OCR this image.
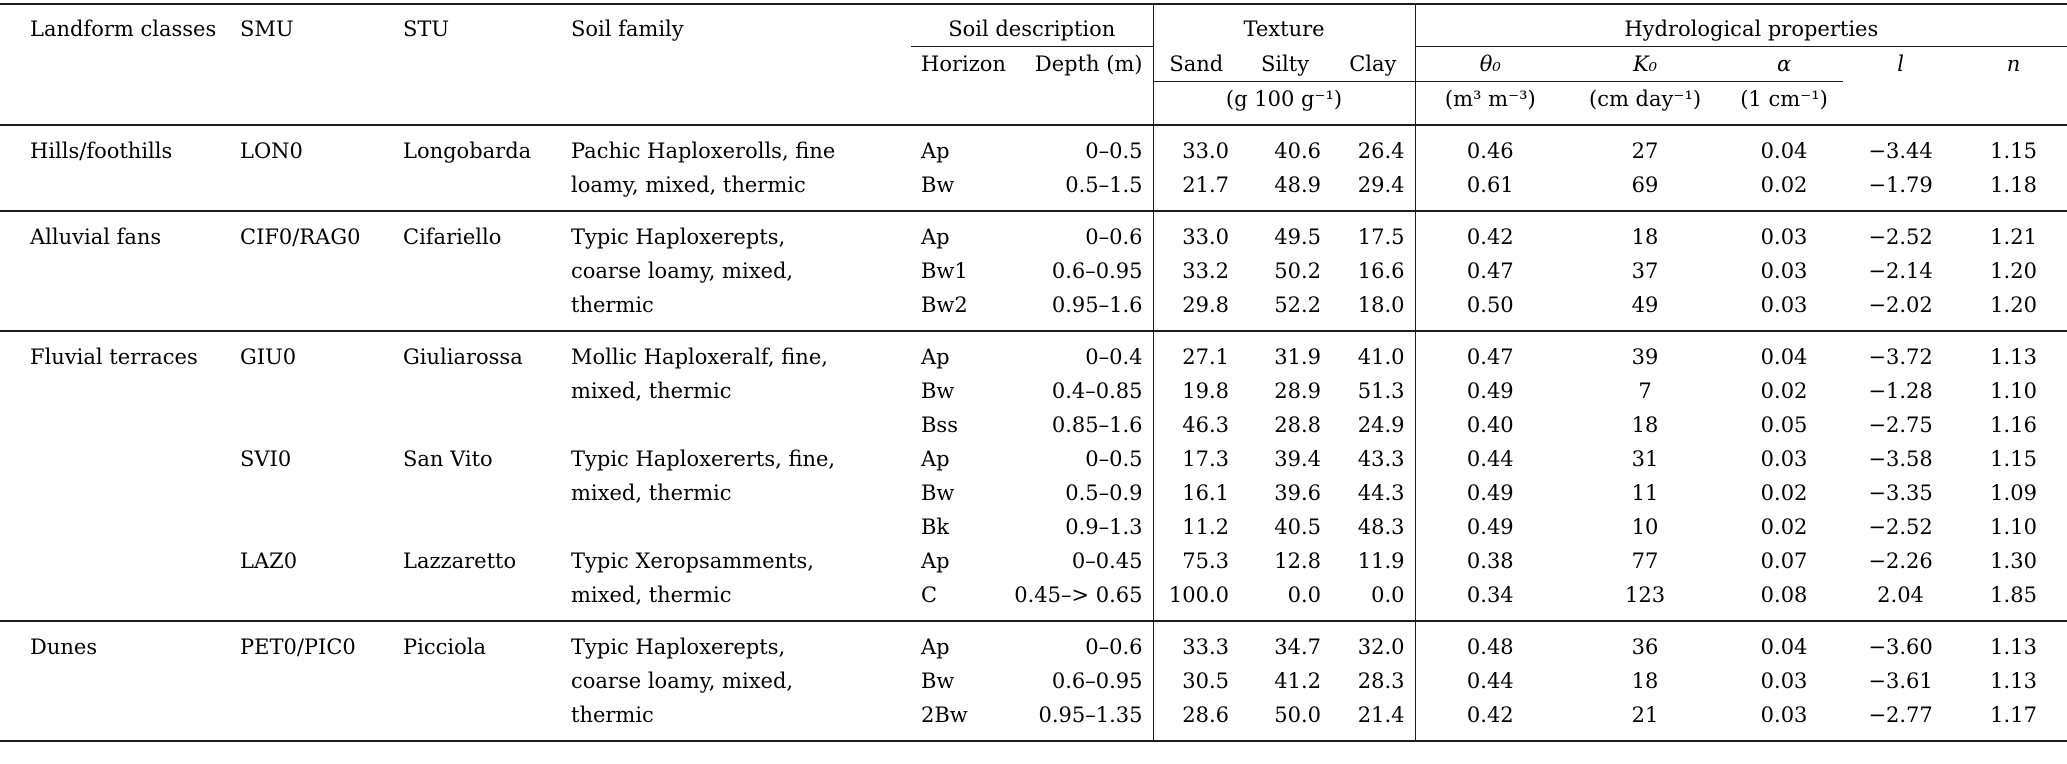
Landform classes	SMU	STU	Soil family	Soil description		Texture			Hydrological properties				
				Horizon	Depth (m)	Sand	Silty	Clay	θ₀	K₀	α	l	n
						(g 100 g⁻¹)			(m³ m⁻³)	(cm day⁻¹)	(1 cm⁻¹)		
Hills/foothills	LON0	Longobarda	Pachic Haploxerolls, fine	Ap	0–0.5	33.0	40.6	26.4	0.46	27	0.04	−3.44	1.15
			loamy, mixed, thermic	Bw	0.5–1.5	21.7	48.9	29.4	0.61	69	0.02	−1.79	1.18
Alluvial fans	CIF0/RAG0	Cifariello	Typic Haploxerepts,	Ap	0–0.6	33.0	49.5	17.5	0.42	18	0.03	−2.52	1.21
			coarse loamy, mixed,	Bw1	0.6–0.95	33.2	50.2	16.6	0.47	37	0.03	−2.14	1.20
			thermic	Bw2	0.95–1.6	29.8	52.2	18.0	0.50	49	0.03	−2.02	1.20
Fluvial terraces	GIU0	Giuliarossa	Mollic Haploxeralf, fine,	Ap	0–0.4	27.1	31.9	41.0	0.47	39	0.04	−3.72	1.13
			mixed, thermic	Bw	0.4–0.85	19.8	28.9	51.3	0.49	7	0.02	−1.28	1.10
				Bss	0.85–1.6	46.3	28.8	24.9	0.40	18	0.05	−2.75	1.16
	SVI0	San Vito	Typic Haploxererts, fine,	Ap	0–0.5	17.3	39.4	43.3	0.44	31	0.03	−3.58	1.15
			mixed, thermic	Bw	0.5–0.9	16.1	39.6	44.3	0.49	11	0.02	−3.35	1.09
				Bk	0.9–1.3	11.2	40.5	48.3	0.49	10	0.02	−2.52	1.10
	LAZ0	Lazzaretto	Typic Xeropsamments,	Ap	0–0.45	75.3	12.8	11.9	0.38	77	0.07	−2.26	1.30
			mixed, thermic	C	0.45–> 0.65	100.0	0.0	0.0	0.34	123	0.08	2.04	1.85
Dunes	PET0/PIC0	Picciola	Typic Haploxerepts,	Ap	0–0.6	33.3	34.7	32.0	0.48	36	0.04	−3.60	1.13
			coarse loamy, mixed,	Bw	0.6–0.95	30.5	41.2	28.3	0.44	18	0.03	−3.61	1.13
			thermic	2Bw	0.95–1.35	28.6	50.0	21.4	0.42	21	0.03	−2.77	1.17
